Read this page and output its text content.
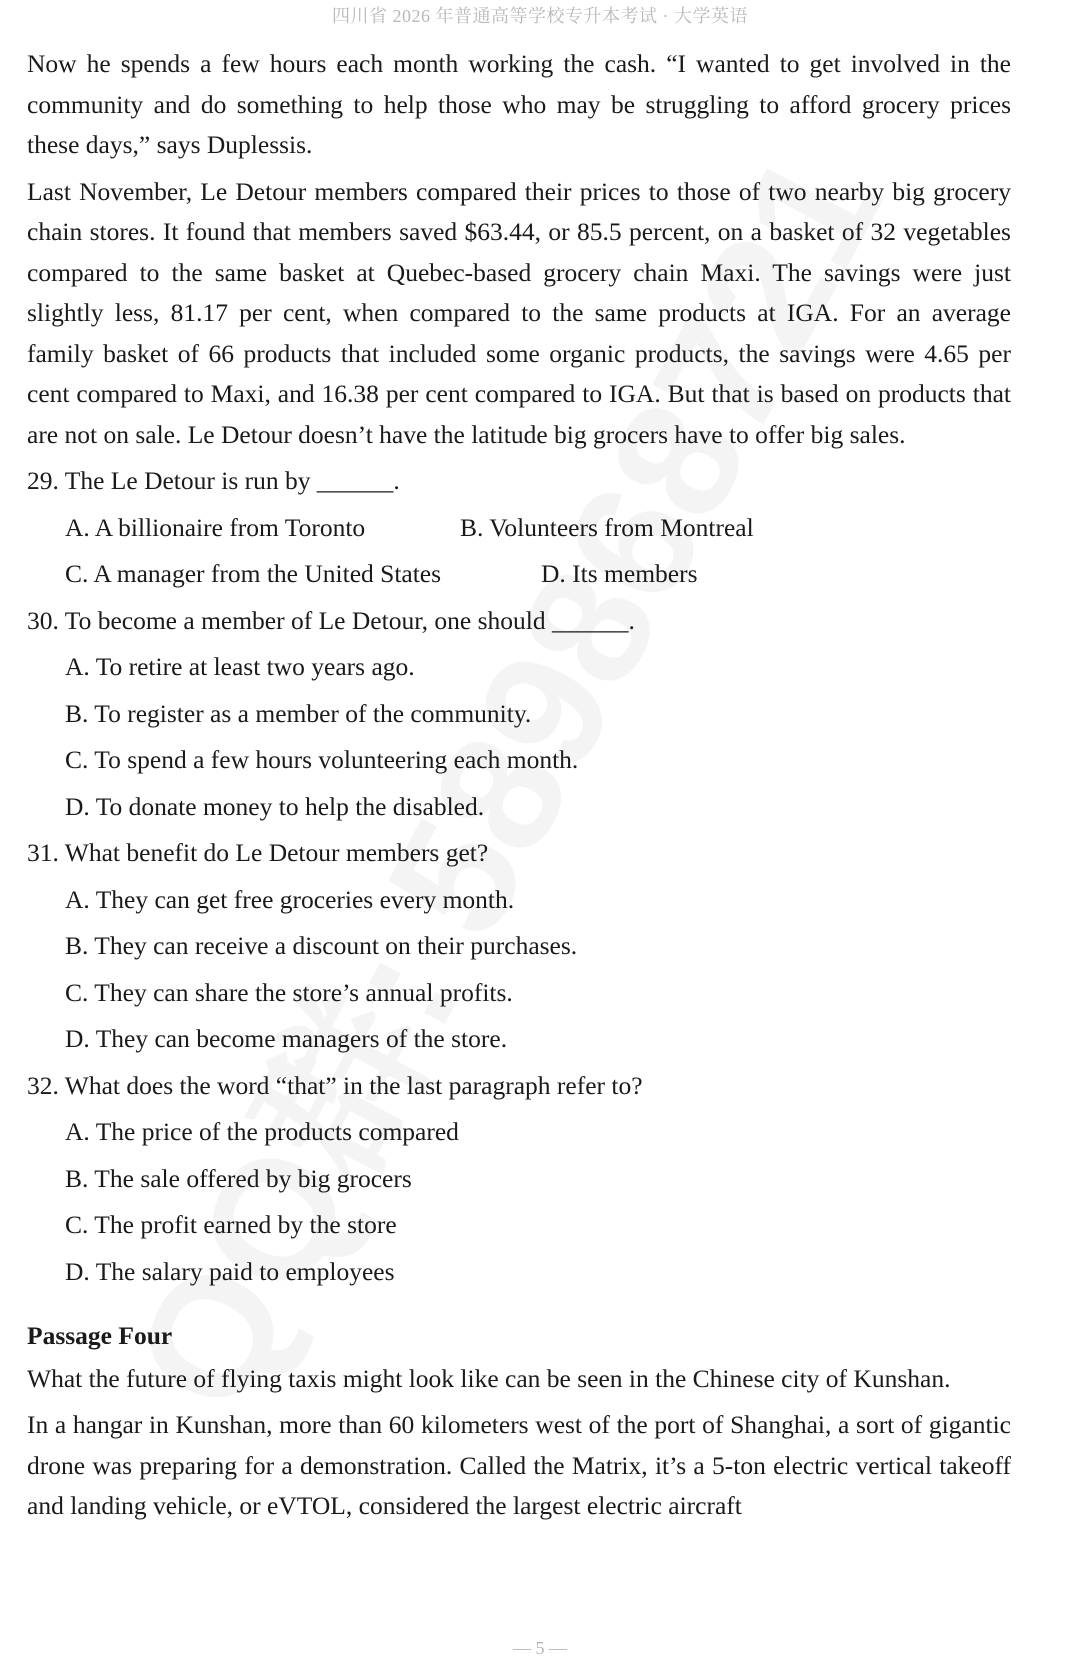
四川省 2026 年普通高等学校专升本考试 · 大学英语

Now he spends a few hours each month working the cash. “I wanted to get involved in the community and do something to help those who may be struggling to afford grocery prices these days,” says Duplessis.

Last November, Le Detour members compared their prices to those of two nearby big grocery chain stores. It found that members saved $63.44, or 85.5 percent, on a basket of 32 vegetables compared to the same basket at Quebec-based grocery chain Maxi. The savings were just slightly less, 81.17 per cent, when compared to the same products at IGA. For an average family basket of 66 products that included some organic products, the savings were 4.65 per cent compared to Maxi, and 16.38 per cent compared to IGA. But that is based on products that are not on sale. Le Detour doesn’t have the latitude big grocers have to offer big sales.

29. The Le Detour is run by ______.
A. A billionaire from Toronto	B. Volunteers from Montreal
C. A manager from the United States	D. Its members
30. To become a member of Le Detour, one should ______.
A. To retire at least two years ago.
B. To register as a member of the community.
C. To spend a few hours volunteering each month.
D. To donate money to help the disabled.
31. What benefit do Le Detour members get?
A. They can get free groceries every month.
B. They can receive a discount on their purchases.
C. They can share the store’s annual profits.
D. They can become managers of the store.
32. What does the word “that” in the last paragraph refer to?
A. The price of the products compared
B. The sale offered by big grocers
C. The profit earned by the store
D. The salary paid to employees
Passage Four

What the future of flying taxis might look like can be seen in the Chinese city of Kunshan.

In a hangar in Kunshan, more than 60 kilometers west of the port of Shanghai, a sort of gigantic drone was preparing for a demonstration. Called the Matrix, it’s a 5-ton electric vertical takeoff and landing vehicle, or eVTOL, considered the largest electric aircraft

— 5 —
